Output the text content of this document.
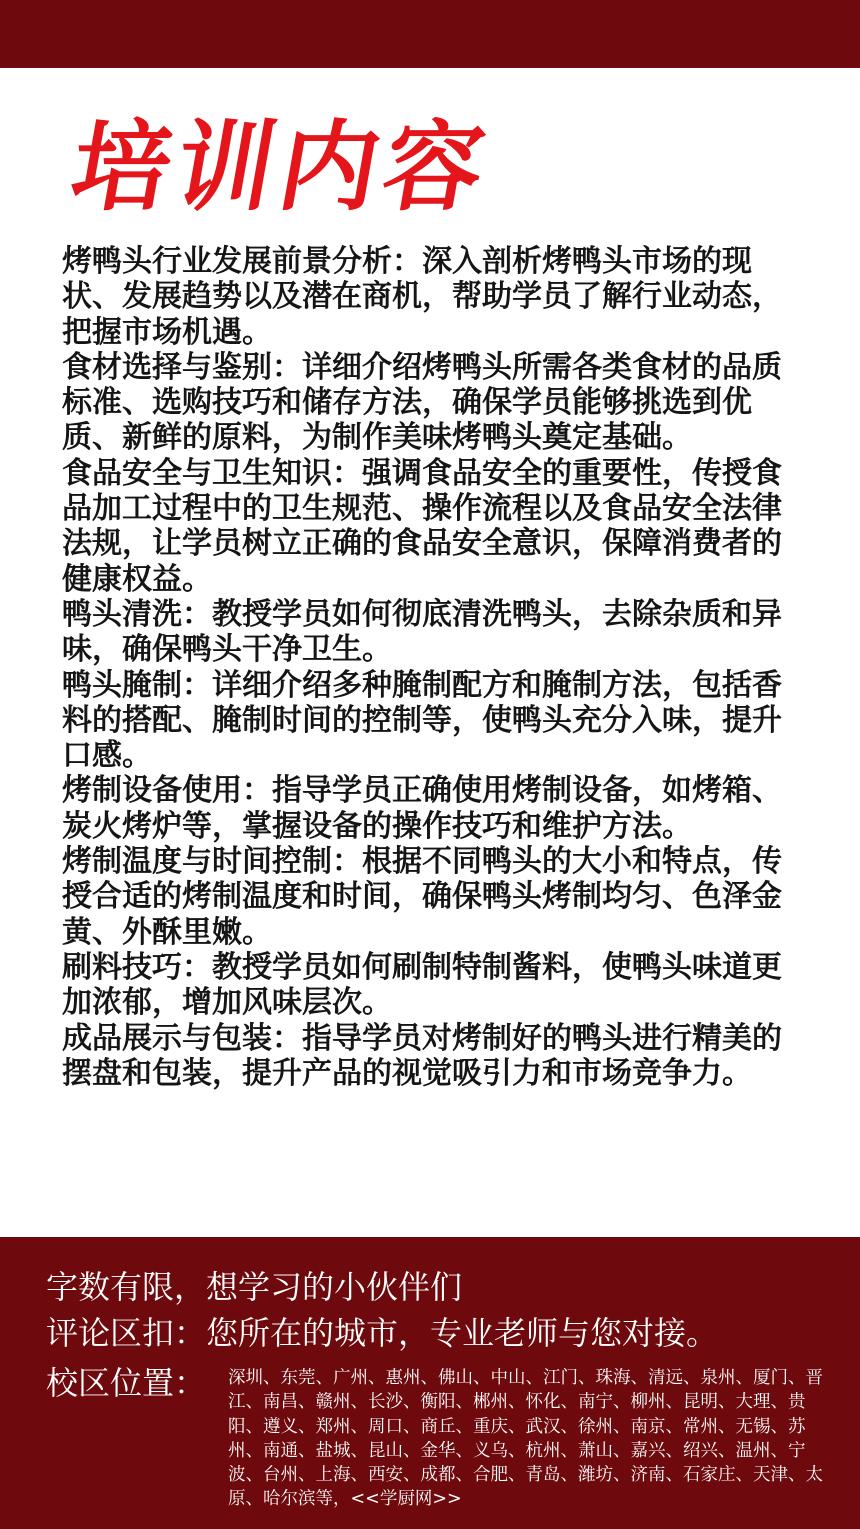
培训内容

烤鸭头行业发展前景分析：深入剖析烤鸭头市场的现状、发展趋势以及潜在商机，帮助学员了解行业动态，把握市场机遇。

食材选择与鉴别：详细介绍烤鸭头所需各类食材的品质标准、选购技巧和储存方法，确保学员能够挑选到优质、新鲜的原料，为制作美味烤鸭头奠定基础。

食品安全与卫生知识：强调食品安全的重要性，传授食品加工过程中的卫生规范、操作流程以及食品安全法律法规，让学员树立正确的食品安全意识，保障消费者的健康权益。

鸭头清洗：教授学员如何彻底清洗鸭头，去除杂质和异味，确保鸭头干净卫生。

鸭头腌制：详细介绍多种腌制配方和腌制方法，包括香料的搭配、腌制时间的控制等，使鸭头充分入味，提升口感。

烤制设备使用：指导学员正确使用烤制设备，如烤箱、炭火烤炉等，掌握设备的操作技巧和维护方法。

烤制温度与时间控制：根据不同鸭头的大小和特点，传授合适的烤制温度和时间，确保鸭头烤制均匀、色泽金黄、外酥里嫩。

刷料技巧：教授学员如何刷制特制酱料，使鸭头味道更加浓郁，增加风味层次。

成品展示与包装：指导学员对烤制好的鸭头进行精美的摆盘和包装，提升产品的视觉吸引力和市场竞争力。

字数有限，想学习的小伙伴们
评论区扣：您所在的城市，专业老师与您对接。
校区位置： 深圳、东莞、广州、惠州、佛山、中山、江门、珠海、清远、泉州、厦门、晋江、南昌、赣州、长沙、衡阳、郴州、怀化、南宁、柳州、昆明、大理、贵阳、遵义、郑州、周口、商丘、重庆、武汉、徐州、南京、常州、无锡、苏州、南通、盐城、昆山、金华、义乌、杭州、萧山、嘉兴、绍兴、温州、宁波、台州、上海、西安、成都、合肥、青岛、潍坊、济南、石家庄、天津、太原、哈尔滨等，<<学厨网>>
